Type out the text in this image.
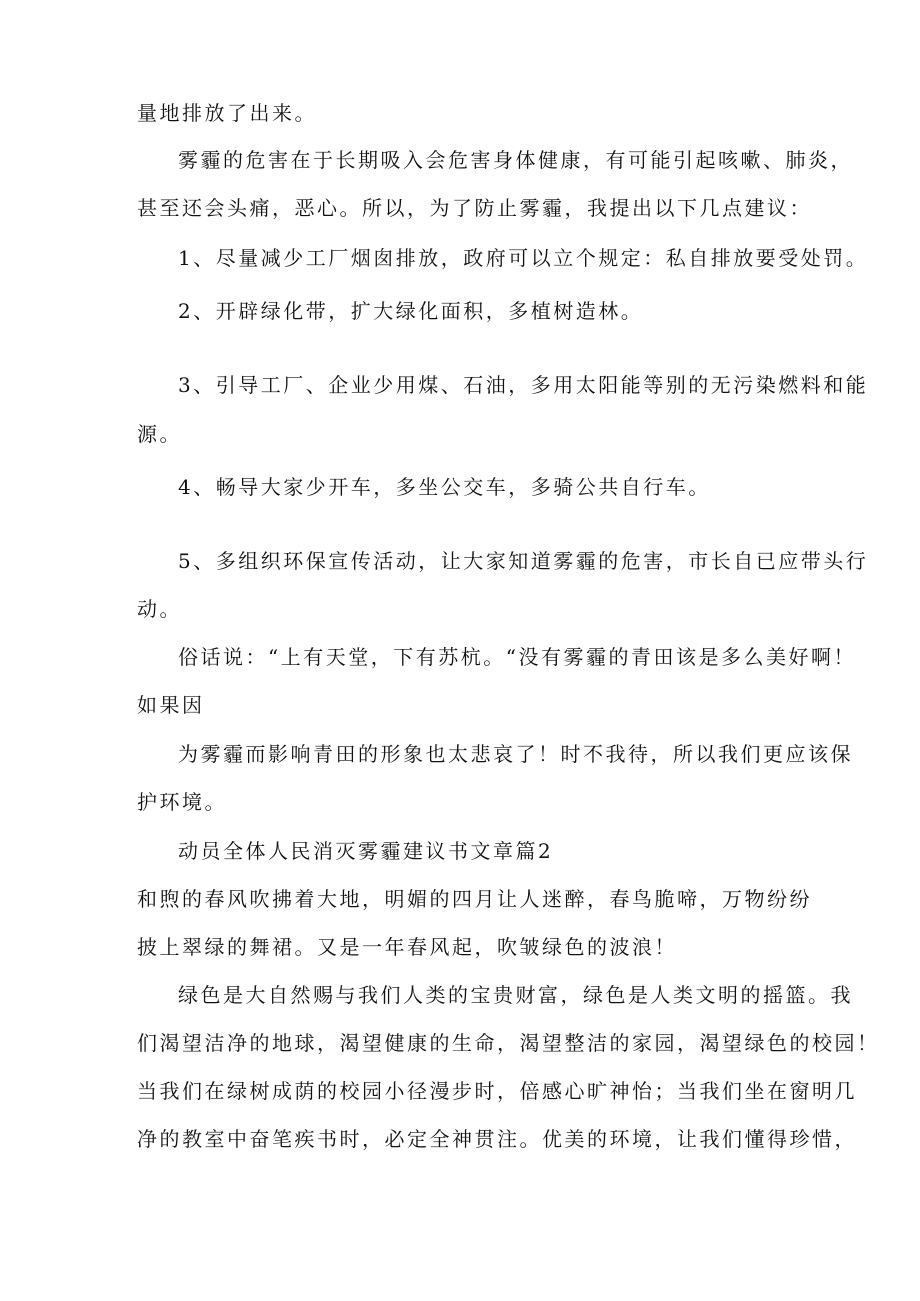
量地排放了出来。
雾霾的危害在于长期吸入会危害身体健康，有可能引起咳嗽、肺炎，
甚至还会头痛，恶心。所以，为了防止雾霾，我提出以下几点建议：
1、尽量减少工厂烟囱排放，政府可以立个规定：私自排放要受处罚。
2、开辟绿化带，扩大绿化面积，多植树造林。
3、引导工厂、企业少用煤、石油，多用太阳能等别的无污染燃料和能
源。
4、畅导大家少开车，多坐公交车，多骑公共自行车。
5、多组织环保宣传活动，让大家知道雾霾的危害，市长自已应带头行
动。
俗话说：“上有天堂，下有苏杭。“没有雾霾的青田该是多么美好啊！
如果因
为雾霾而影响青田的形象也太悲哀了！时不我待，所以我们更应该保
护环境。
动员全体人民消灭雾霾建议书文章篇2
和煦的春风吹拂着大地，明媚的四月让人迷醉，春鸟脆啼，万物纷纷
披上翠绿的舞裙。又是一年春风起，吹皱绿色的波浪！
绿色是大自然赐与我们人类的宝贵财富，绿色是人类文明的摇篮。我
们渴望洁净的地球，渴望健康的生命，渴望整洁的家园，渴望绿色的校园！
当我们在绿树成荫的校园小径漫步时，倍感心旷神怡；当我们坐在窗明几
净的教室中奋笔疾书时，必定全神贯注。优美的环境，让我们懂得珍惜，
